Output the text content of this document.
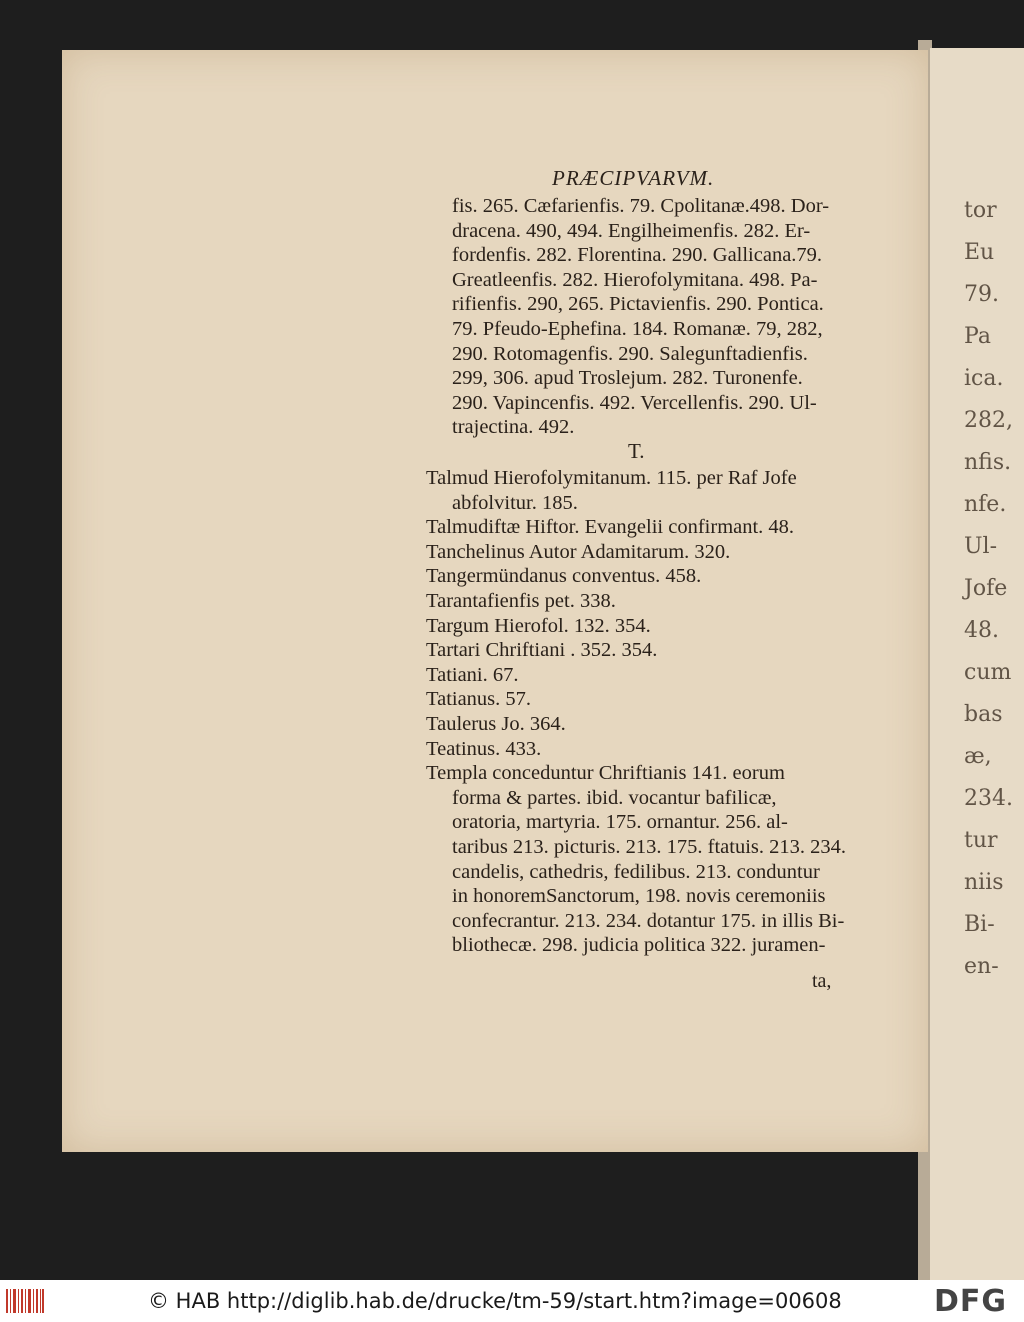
tor
Eu
79.
Pa
ica.
282,
nfis.
nfe.
Ul-
Jofe
48.
cum
bas
æ,
234.
tur
niis
Bi-
en-
PRÆCIPVARVM.
T.
ta,
fis. 265. Cæfarienfis. 79. Cpolitanæ.498. Dor-
dracena. 490, 494. Engilheimenfis. 282. Er-
fordenfis. 282. Florentina. 290. Gallicana.79.
Greatleenfis. 282. Hierofolymitana. 498. Pa-
rifienfis. 290, 265. Pictavienfis. 290. Pontica.
79. Pfeudo-Ephefina. 184. Romanæ. 79, 282,
290. Rotomagenfis. 290. Salegunftadienfis.
299, 306. apud Troslejum. 282. Turonenfe.
290. Vapincenfis. 492. Vercellenfis. 290. Ul-
trajectina. 492.
Talmud Hierofolymitanum. 115. per Raf Jofe
abfolvitur. 185.
Talmudiftæ Hiftor. Evangelii confirmant. 48.
Tanchelinus Autor Adamitarum. 320.
Tangermündanus conventus. 458.
Tarantafienfis pet. 338.
Targum Hierofol. 132. 354.
Tartari Chriftiani . 352. 354.
Tatiani. 67.
Tatianus. 57.
Taulerus Jo. 364.
Teatinus. 433.
Templa conceduntur Chriftianis 141. eorum
forma & partes. ibid. vocantur bafilicæ,
oratoria, martyria. 175. ornantur. 256. al-
taribus 213. picturis. 213. 175. ftatuis. 213. 234.
candelis, cathedris, fedilibus. 213. conduntur
in honoremSanctorum, 198. novis ceremoniis
confecrantur. 213. 234. dotantur 175. in illis Bi-
bliothecæ. 298. judicia politica 322. juramen-
© HAB http://diglib.hab.de/drucke/tm-59/start.htm?image=00608	DFG
